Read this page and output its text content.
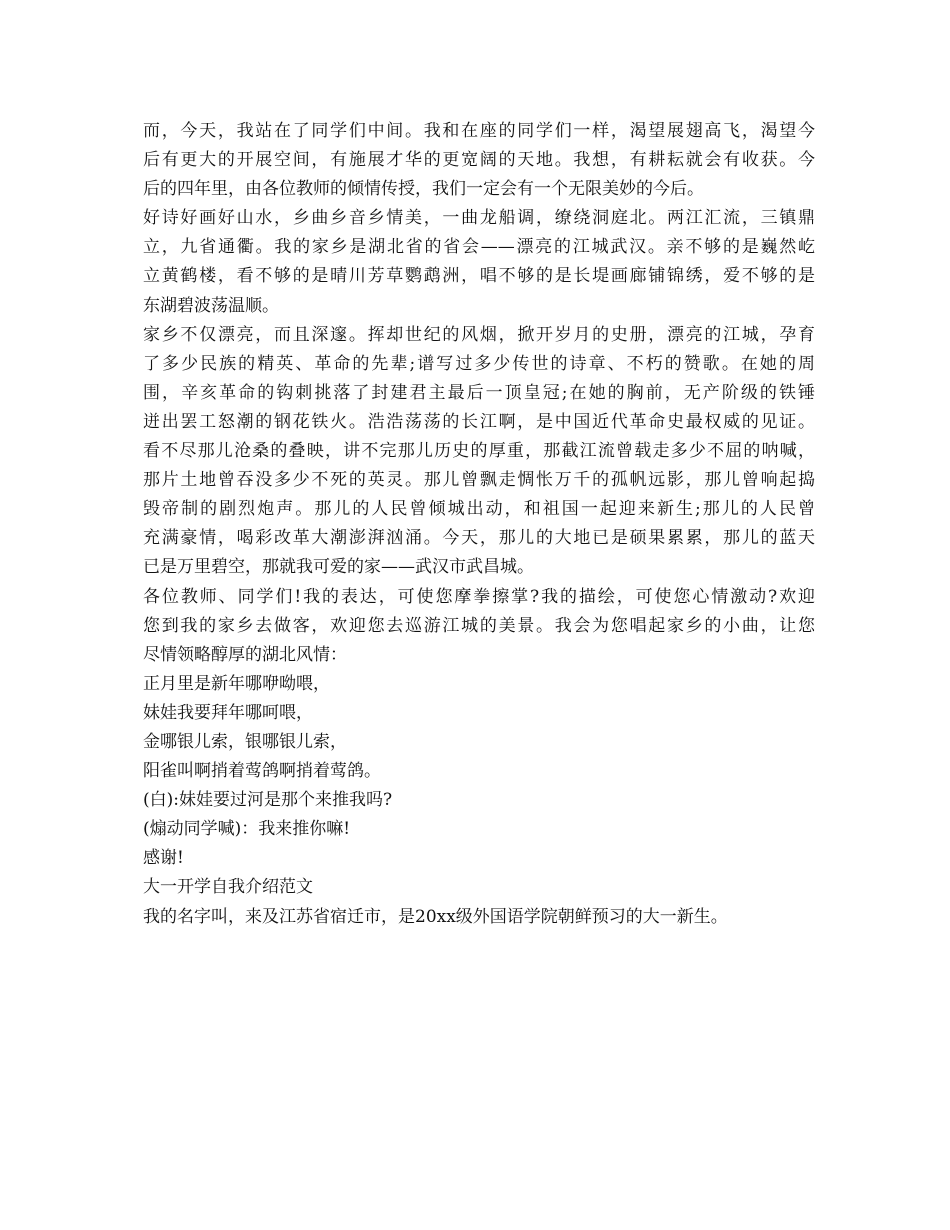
而，今天，我站在了同学们中间。我和在座的同学们一样，渴望展翅高飞，渴望今
后有更大的开展空间，有施展才华的更宽阔的天地。我想，有耕耘就会有收获。今
后的四年里，由各位教师的倾情传授，我们一定会有一个无限美妙的今后。
好诗好画好山水，乡曲乡音乡情美，一曲龙船调，缭绕洞庭北。两江汇流，三镇鼎
立，九省通衢。我的家乡是湖北省的省会——漂亮的江城武汉。亲不够的是巍然屹
立黄鹤楼，看不够的是晴川芳草鹦鹉洲，唱不够的是长堤画廊铺锦绣，爱不够的是
东湖碧波荡温顺。
家乡不仅漂亮，而且深邃。挥却世纪的风烟，掀开岁月的史册，漂亮的江城，孕育
了多少民族的精英、革命的先辈;谱写过多少传世的诗章、不朽的赞歌。在她的周
围，辛亥革命的钩刺挑落了封建君主最后一顶皇冠;在她的胸前，无产阶级的铁锤
迸出罢工怒潮的钢花铁火。浩浩荡荡的长江啊，是中国近代革命史最权威的见证。
看不尽那儿沧桑的叠映，讲不完那儿历史的厚重，那截江流曾载走多少不屈的呐喊，
那片土地曾吞没多少不死的英灵。那儿曾飘走惆怅万千的孤帆远影，那儿曾响起捣
毁帝制的剧烈炮声。那儿的人民曾倾城出动，和祖国一起迎来新生;那儿的人民曾
充满豪情，喝彩改革大潮澎湃汹涌。今天，那儿的大地已是硕果累累，那儿的蓝天
已是万里碧空，那就我可爱的家——武汉市武昌城。
各位教师、同学们!我的表达，可使您摩拳擦掌?我的描绘，可使您心情激动?欢迎
您到我的家乡去做客，欢迎您去巡游江城的美景。我会为您唱起家乡的小曲，让您
尽情领略醇厚的湖北风情：
正月里是新年哪咿呦喂，
妹娃我要拜年哪呵喂，
金哪银儿索，银哪银儿索，
阳雀叫啊捎着莺鸽啊捎着莺鸽。
(白):妹娃要过河是那个来推我吗?
(煽动同学喊)：我来推你嘛!
感谢!
大一开学自我介绍范文
我的名字叫，来及江苏省宿迁市，是20xx级外国语学院朝鲜预习的大一新生。
